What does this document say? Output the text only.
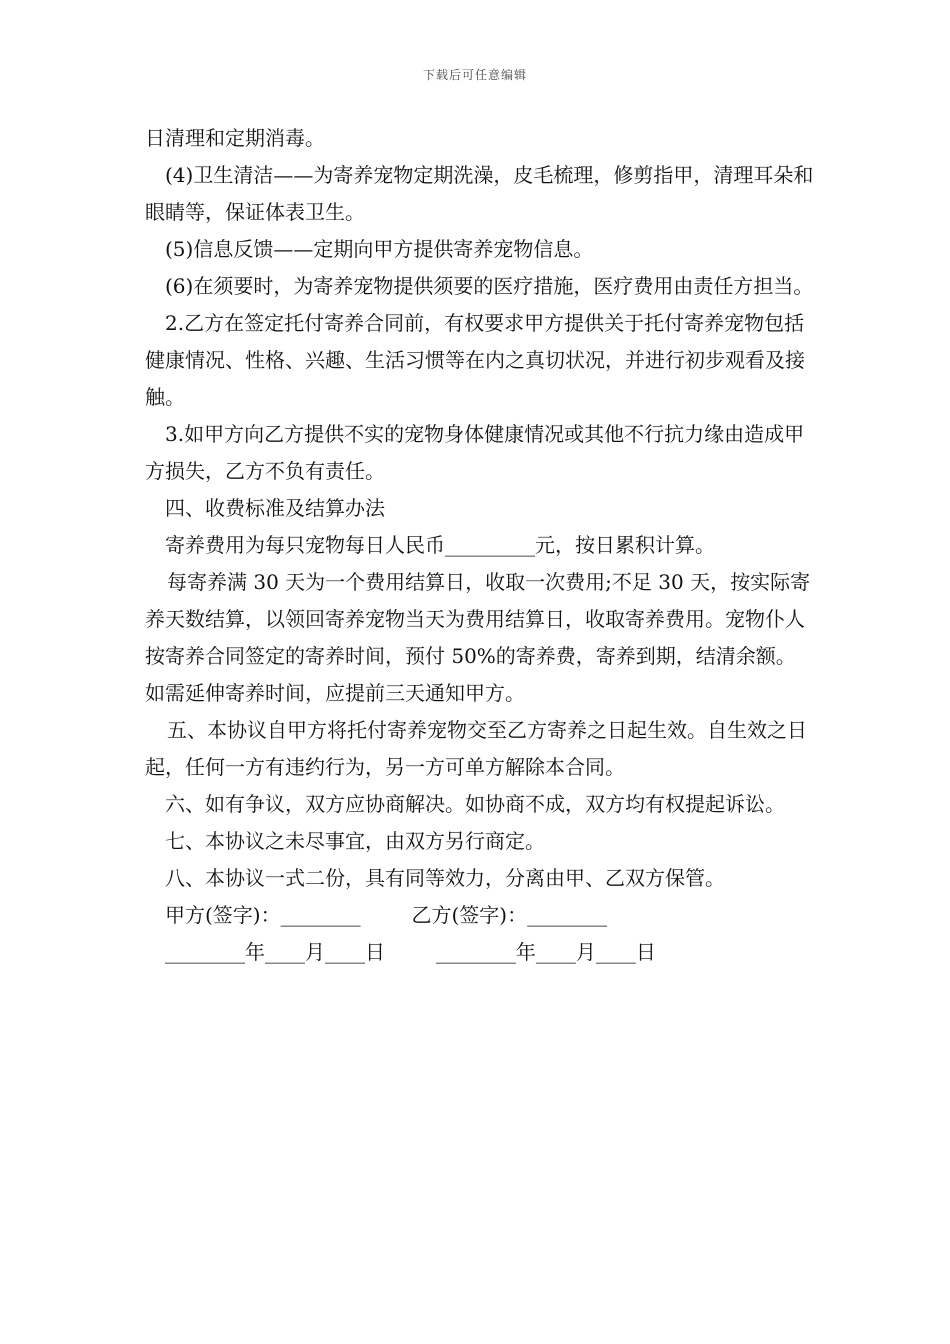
下载后可任意编辑

日清理和定期消毒。

(4)卫生清洁——为寄养宠物定期洗澡，皮毛梳理，修剪指甲，清理耳朵和眼睛等，保证体表卫生。

(5)信息反馈——定期向甲方提供寄养宠物信息。

(6)在须要时，为寄养宠物提供须要的医疗措施，医疗费用由责任方担当。

2.乙方在签定托付寄养合同前，有权要求甲方提供关于托付寄养宠物包括健康情况、性格、兴趣、生活习惯等在内之真切状况，并进行初步观看及接触。

3.如甲方向乙方提供不实的宠物身体健康情况或其他不行抗力缘由造成甲方损失，乙方不负有责任。

四、收费标准及结算办法

寄养费用为每只宠物每日人民币_________元，按日累积计算。

每寄养满 30 天为一个费用结算日，收取一次费用;不足 30 天，按实际寄养天数结算，以领回寄养宠物当天为费用结算日，收取寄养费用。宠物仆人按寄养合同签定的寄养时间，预付 50%的寄养费，寄养到期，结清余额。如需延伸寄养时间，应提前三天通知甲方。

五、本协议自甲方将托付寄养宠物交至乙方寄养之日起生效。自生效之日起，任何一方有违约行为，另一方可单方解除本合同。

六、如有争议，双方应协商解决。如协商不成，双方均有权提起诉讼。

七、本协议之未尽事宜，由双方另行商定。

八、本协议一式二份，具有同等效力，分离由甲、乙双方保管。

甲方(签字)：________        乙方(签字)：________
________年____月____日        ________年____月____日
